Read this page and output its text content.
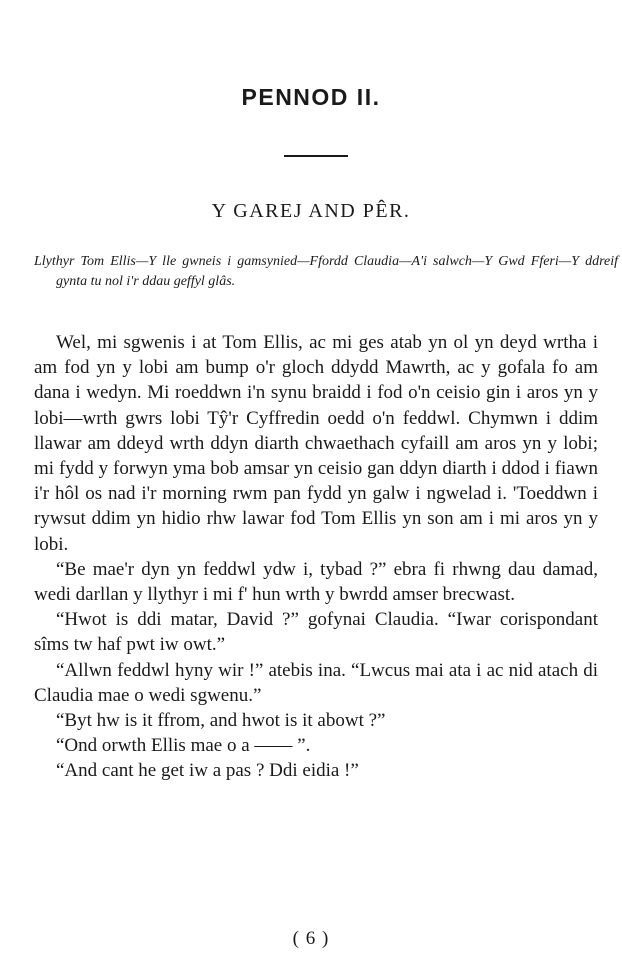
PENNOD II.
Y GAREJ AND PÊR.
Llythyr Tom Ellis—Y lle gwneis i gamsynied—Ffordd Claudia—A'i salwch—Y Gwd Fferi—Y ddreif gynta tu nol i'r ddau geffyl glâs.

Wel, mi sgwenis i at Tom Ellis, ac mi ges atab yn ol yn deyd wrtha i am fod yn y lobi am bump o'r gloch ddydd Mawrth, ac y gofala fo am dana i wedyn. Mi roeddwn i'n synu braidd i fod o'n ceisio gin i aros yn y lobi—wrth gwrs lobi Tŷ'r Cyffredin oedd o'n feddwl. Chymwn i ddim llawar am ddeyd wrth ddyn diarth chwaethach cyfaill am aros yn y lobi; mi fydd y forwyn yma bob amsar yn ceisio gan ddyn diarth i ddod i fiawn i'r hôl os nad i'r morning rwm pan fydd yn galw i ngwelad i. 'Toeddwn i rywsut ddim yn hidio rhw lawar fod Tom Ellis yn son am i mi aros yn y lobi.

“Be mae'r dyn yn feddwl ydw i, tybad ?” ebra fi rhwng dau damad, wedi darllan y llythyr i mi f' hun wrth y bwrdd amser brecwast.

“Hwot is ddi matar, David ?” gofynai Claudia. “Iwar corispondant sîms tw haf pwt iw owt.”

“Allwn feddwl hyny wir !” atebis ina. “Lwcus mai ata i ac nid atach di Claudia mae o wedi sgwenu.”

“Byt hw is it ffrom, and hwot is it abowt ?”

“Ond orwth Ellis mae o a —— ”.

“And cant he get iw a pas ? Ddi eidia !”

( 6 )
